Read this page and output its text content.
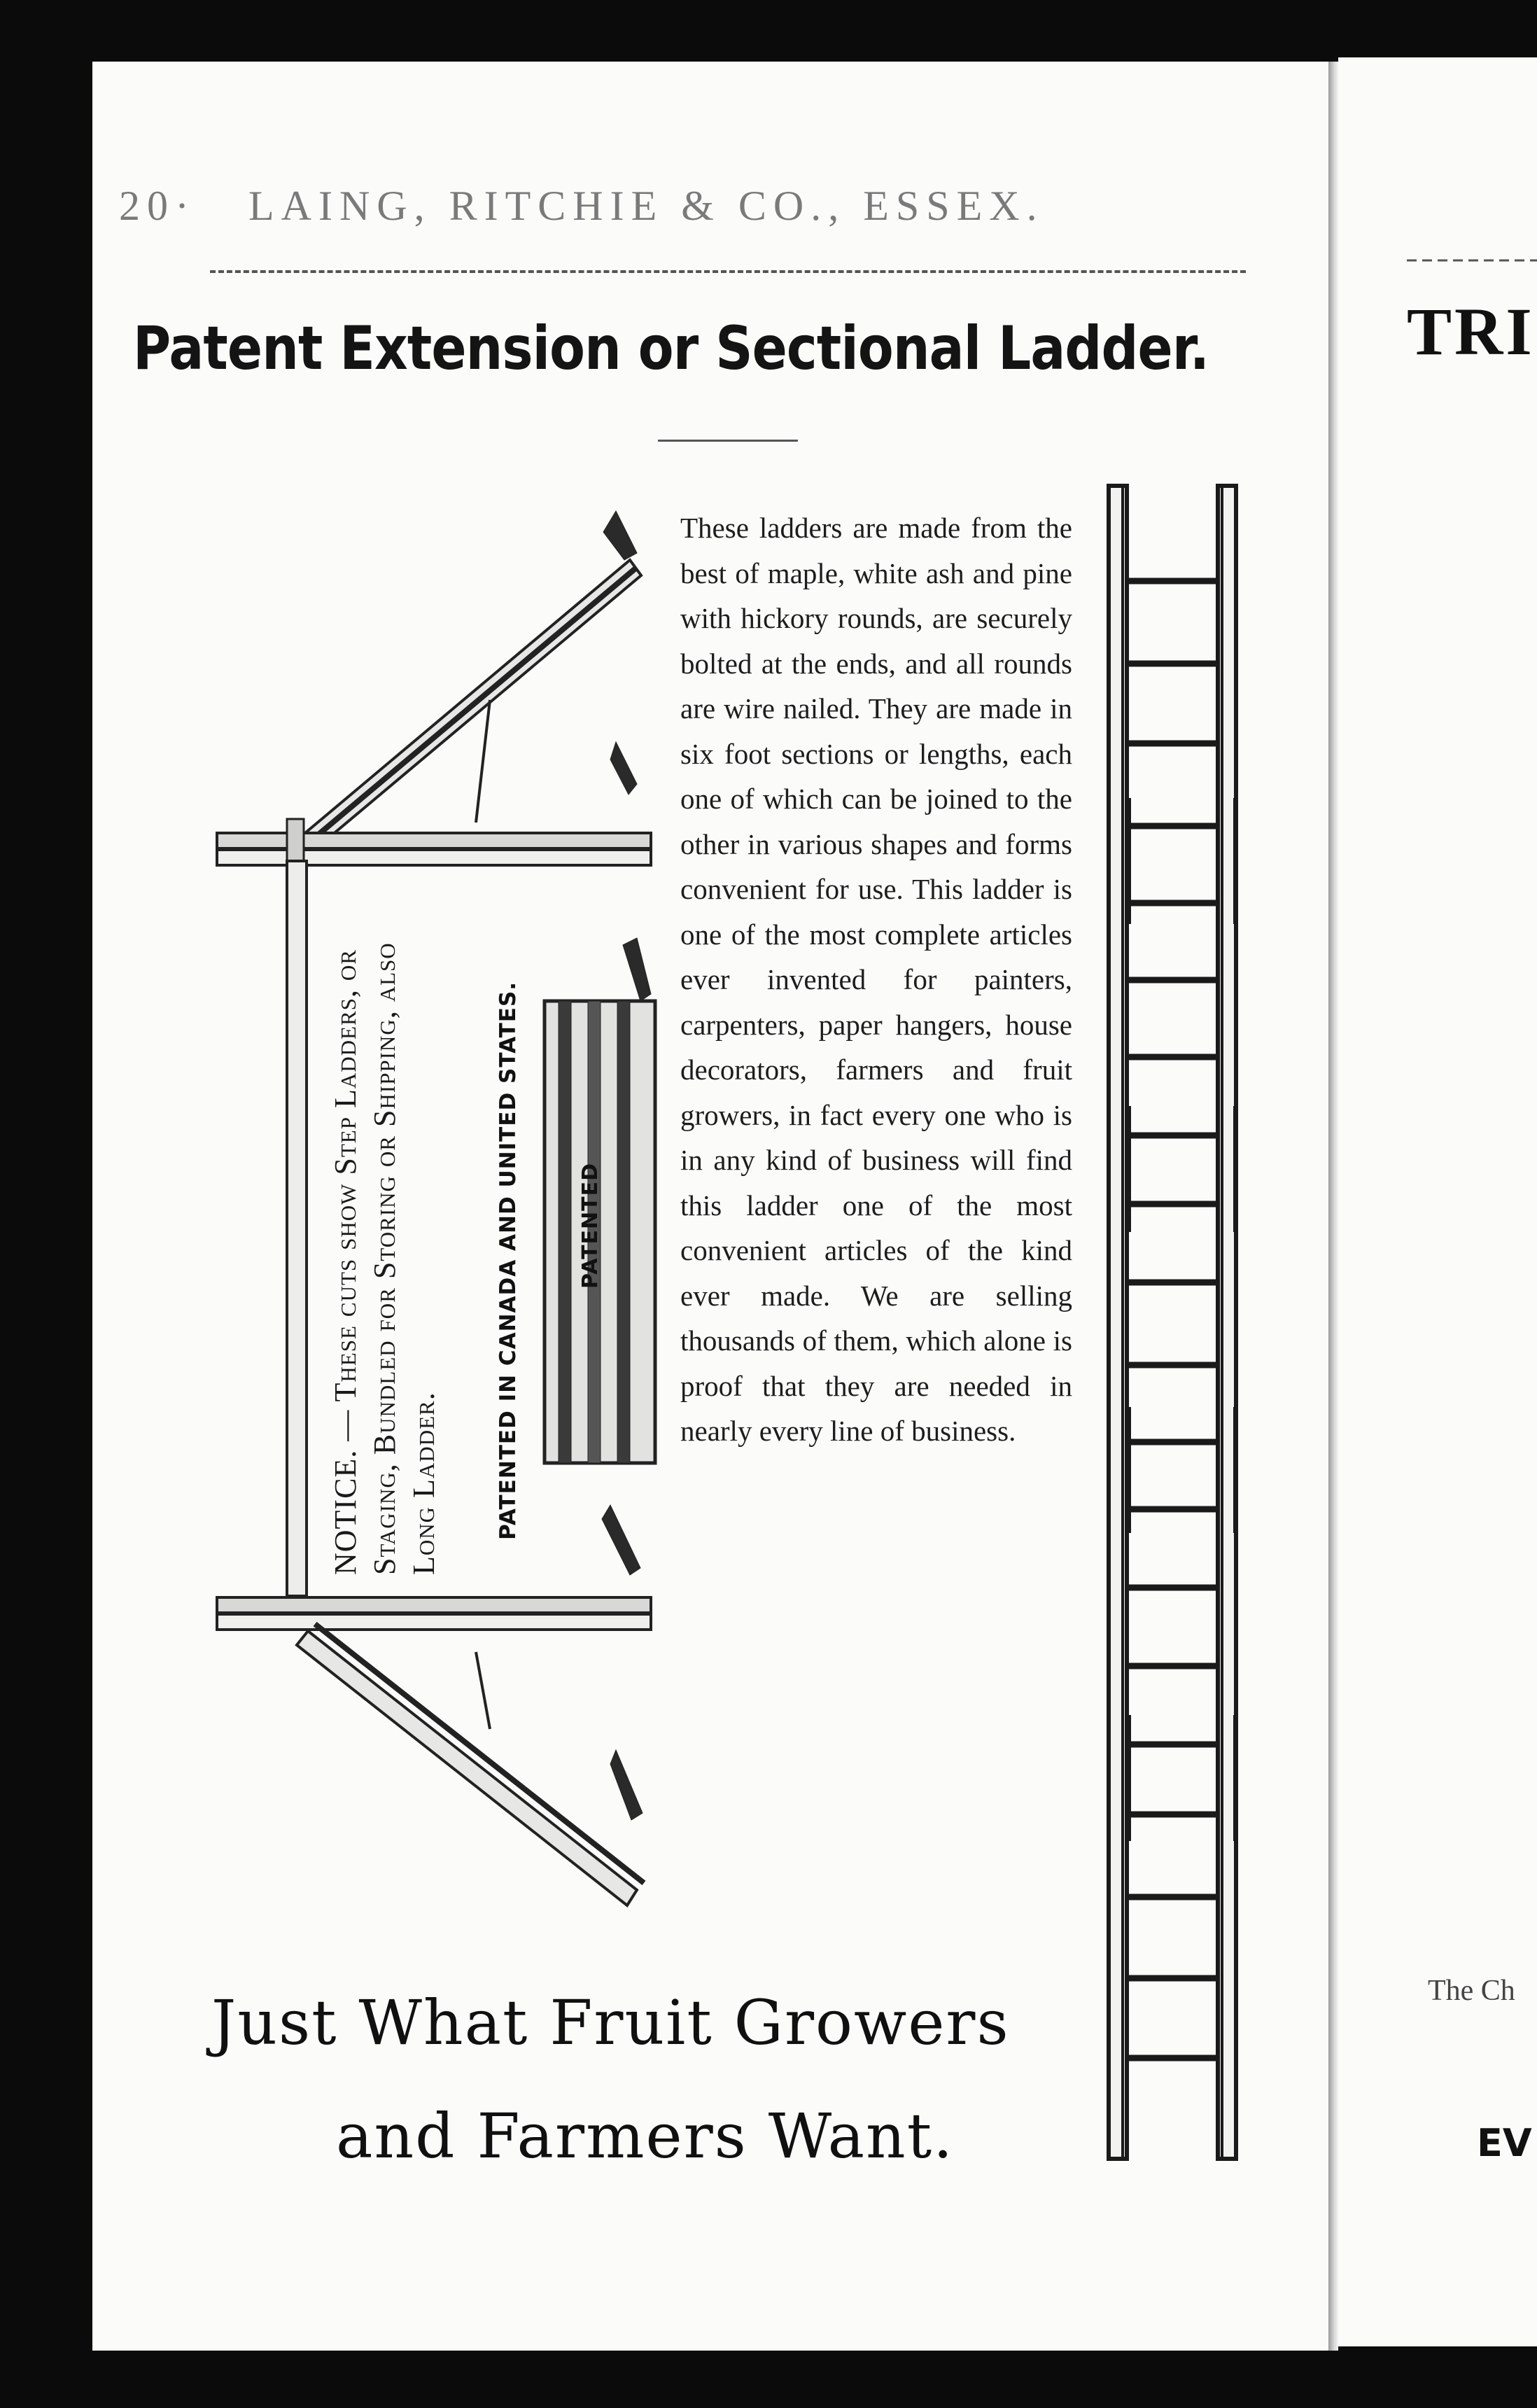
20· LAING, RITCHIE & CO., ESSEX.
Patent Extension or Sectional Ladder.
These ladders are made from the best of maple, white ash and pine with hickory rounds, are securely bolted at the ends, and all rounds are wire nailed. They are made in six foot sections or lengths, each one of which can be joined to the other in various shapes and forms convenient for use. This ladder is one of the most complete articles ever invented for painters, carpenters, paper hangers, house decorators, farmers and fruit growers, in fact every one who is in any kind of business will find this ladder one of the most convenient articles of the kind ever made. We are selling thousands of them, which alone is proof that they are needed in nearly every line of business.
NOTICE. — These cuts show Step Ladders, or Staging, Bundled for Storing or Shipping, also Long Ladder.	PATENTED IN CANADA AND UNITED STATES.	PATENTED
Just What Fruit Growers
and Farmers Want.
TRI
The Ch
EV
